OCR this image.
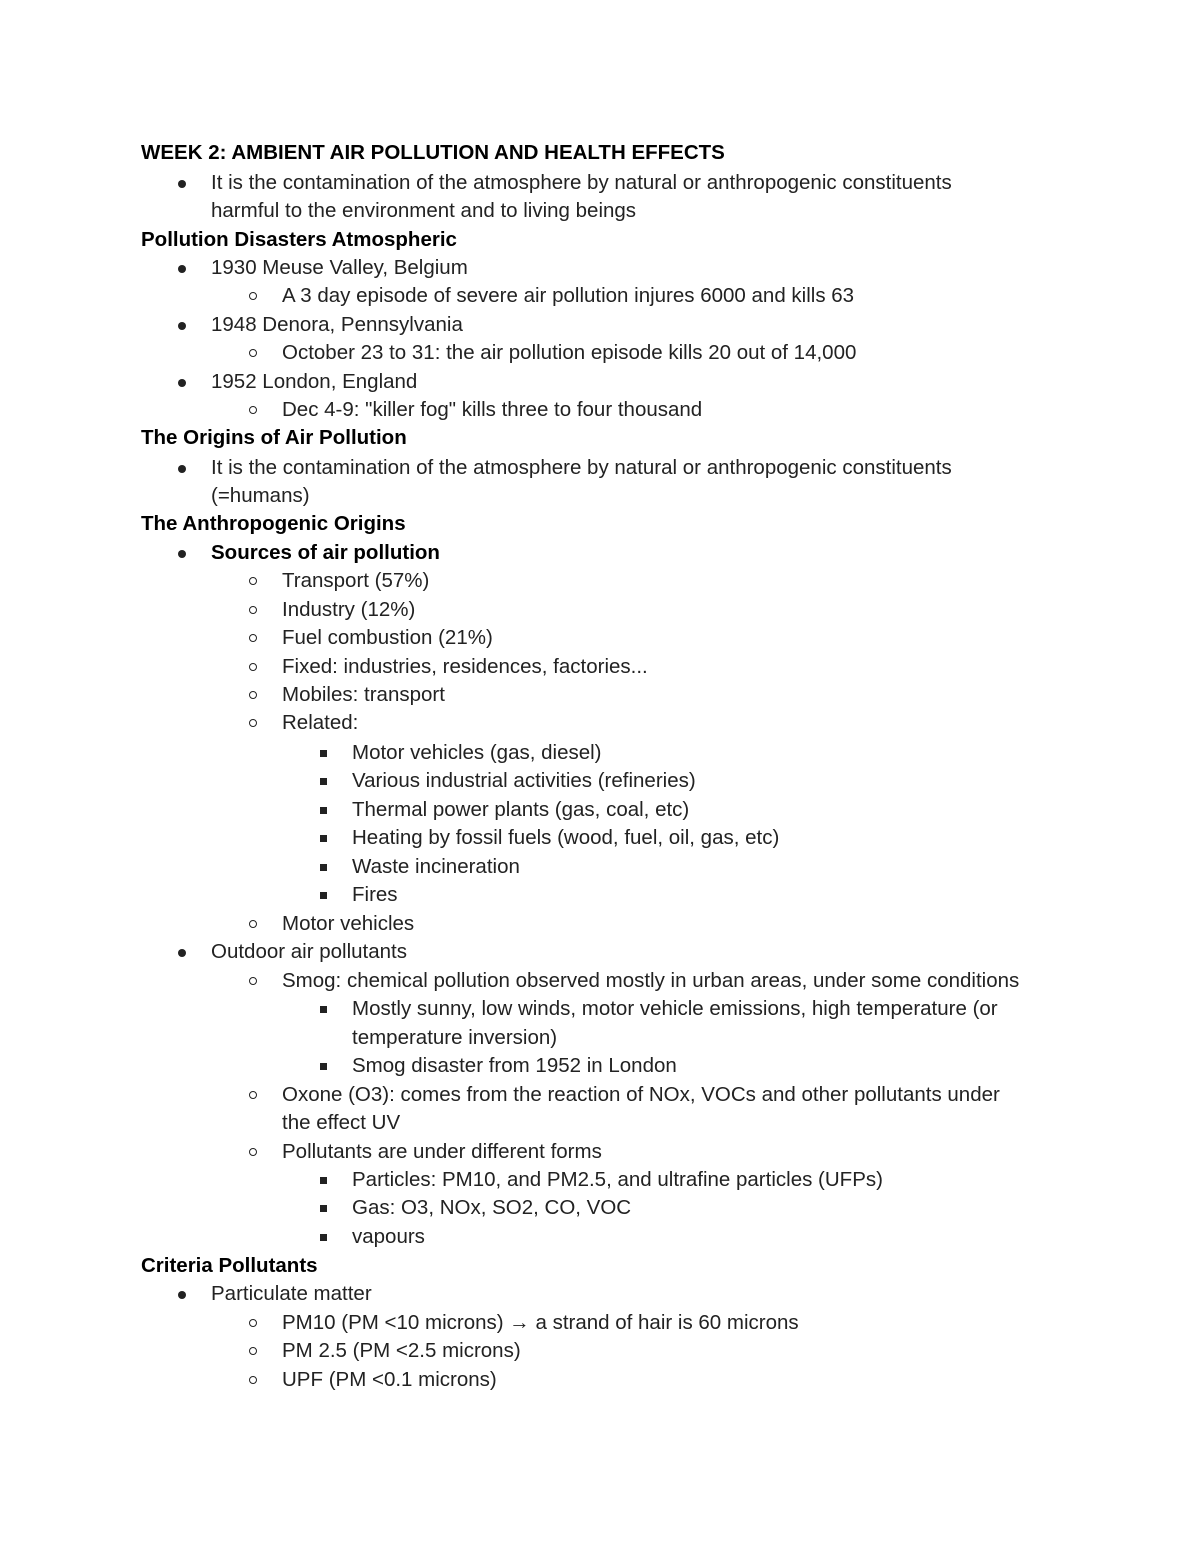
WEEK 2: AMBIENT AIR POLLUTION AND HEALTH EFFECTS
It is the contamination of the atmosphere by natural or anthropogenic constituents
harmful to the environment and to living beings
Pollution Disasters Atmospheric
1930 Meuse Valley, Belgium
A 3 day episode of severe air pollution injures 6000 and kills 63
1948 Denora, Pennsylvania
October 23 to 31: the air pollution episode kills 20 out of 14,000
1952 London, England
Dec 4-9: "killer fog" kills three to four thousand
The Origins of Air Pollution
It is the contamination of the atmosphere by natural or anthropogenic constituents
(=humans)
The Anthropogenic Origins
Sources of air pollution
Transport (57%)
Industry (12%)
Fuel combustion (21%)
Fixed: industries, residences, factories...
Mobiles: transport
Related:
Motor vehicles (gas, diesel)
Various industrial activities (refineries)
Thermal power plants (gas, coal, etc)
Heating by fossil fuels (wood, fuel, oil, gas, etc)
Waste incineration
Fires
Motor vehicles
Outdoor air pollutants
Smog: chemical pollution observed mostly in urban areas, under some conditions
Mostly sunny, low winds, motor vehicle emissions, high temperature (or
temperature inversion)
Smog disaster from 1952 in London
Oxone (O3): comes from the reaction of NOx, VOCs and other pollutants under
the effect UV
Pollutants are under different forms
Particles: PM10, and PM2.5, and ultrafine particles (UFPs)
Gas: O3, NOx, SO2, CO, VOC
vapours
Criteria Pollutants
Particulate matter
PM10 (PM <10 microns) → a strand of hair is 60 microns
PM 2.5 (PM <2.5 microns)
UPF (PM <0.1 microns)
